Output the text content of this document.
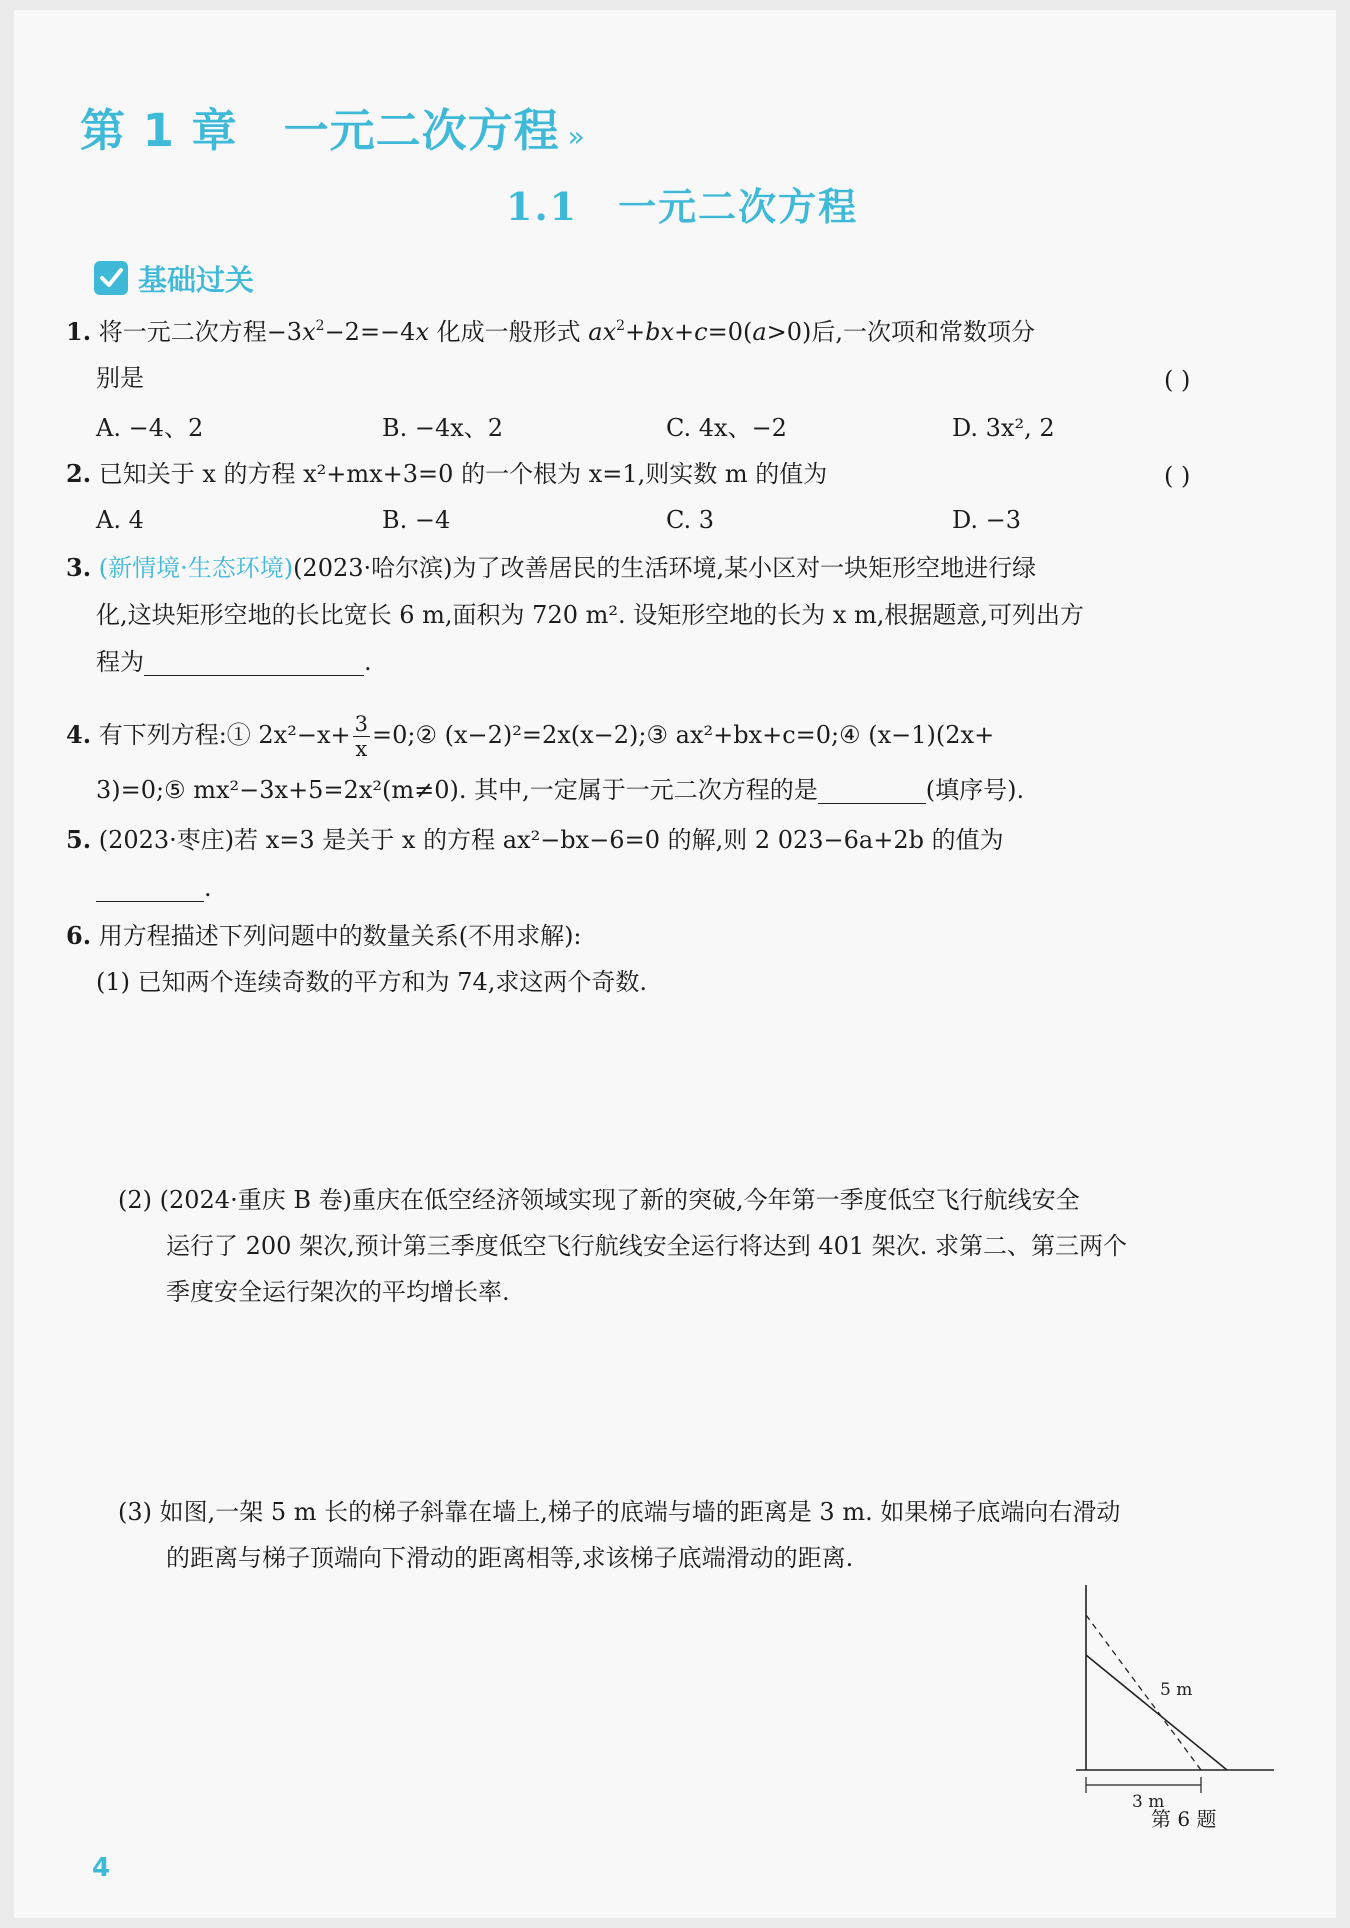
第 1 章 一元二次方程 »
1.1 一元二次方程
基础过关
1. 将一元二次方程$-3x^2-2=-4x$ 化成一般形式 $ax^2+bx+c=0(a>0)$后,一次项和常数项分
别是	( )
A. −4、2	B. −4x、2	C. 4x、−2	D. 3x², 2
2. 已知关于 x 的方程 x²+mx+3=0 的一个根为 x=1,则实数 m 的值为	( )
A. 4	B. −4	C. 3	D. −3
3. (新情境·生态环境)(2023·哈尔滨)为了改善居民的生活环境,某小区对一块矩形空地进行绿
化,这块矩形空地的长比宽长 6 m,面积为 720 m². 设矩形空地的长为 x m,根据题意,可列出方
程为	.
4. 有下列方程:① $2x^2-x+ \frac{3}{x}$ =0;② (x−2)²=2x(x−2);③ ax²+bx+c=0;④ (x−1)(2x+
3)=0;⑤ mx²−3x+5=2x²(m≠0). 其中,一定属于一元二次方程的是	(填序号).
5. (2023·枣庄)若 x=3 是关于 x 的方程 ax²−bx−6=0 的解,则 2 023−6a+2b 的值为
.
6. 用方程描述下列问题中的数量关系(不用求解):
(1) 已知两个连续奇数的平方和为 74,求这两个奇数.
(2) (2024·重庆 B 卷)重庆在低空经济领域实现了新的突破,今年第一季度低空飞行航线安全
运行了 200 架次,预计第三季度低空飞行航线安全运行将达到 401 架次. 求第二、第三两个
季度安全运行架次的平均增长率.
(3) 如图,一架 5 m 长的梯子斜靠在墙上,梯子的底端与墙的距离是 3 m. 如果梯子底端向右滑动
的距离与梯子顶端向下滑动的距离相等,求该梯子底端滑动的距离.
5 m
3 m
第 6 题
4
